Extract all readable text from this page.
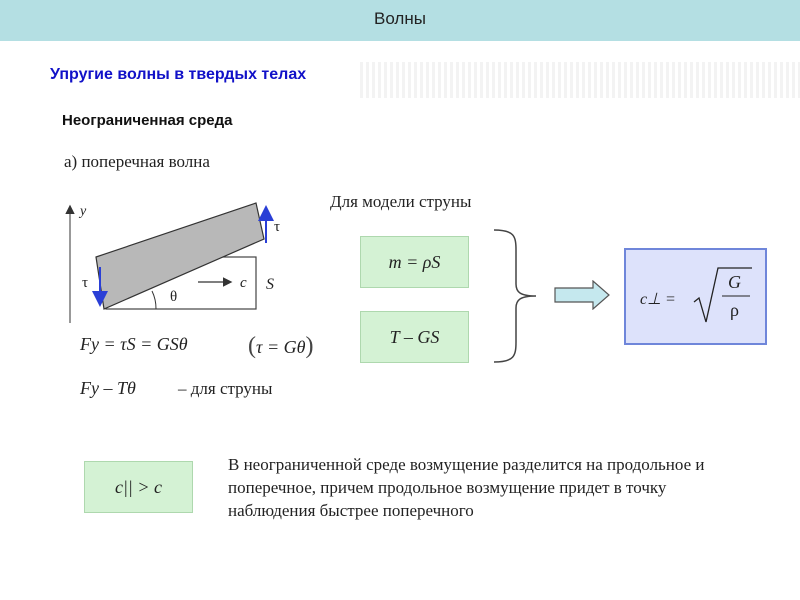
Волны
Упругие волны в твердых телах
Неограниченная среда
а) поперечная волна
y
τ
τ	c S
θ
Для модели струны
m = ρS
T – GS
c⊥ =
G
ρ
Fy = τS = GSθ	(τ = Gθ)
Fy – Tθ – для струны
c|| > c
В неограниченной среде возмущение разделится на продольное и поперечное, причем продольное возмущение придет в точку наблюдения быстрее поперечного
